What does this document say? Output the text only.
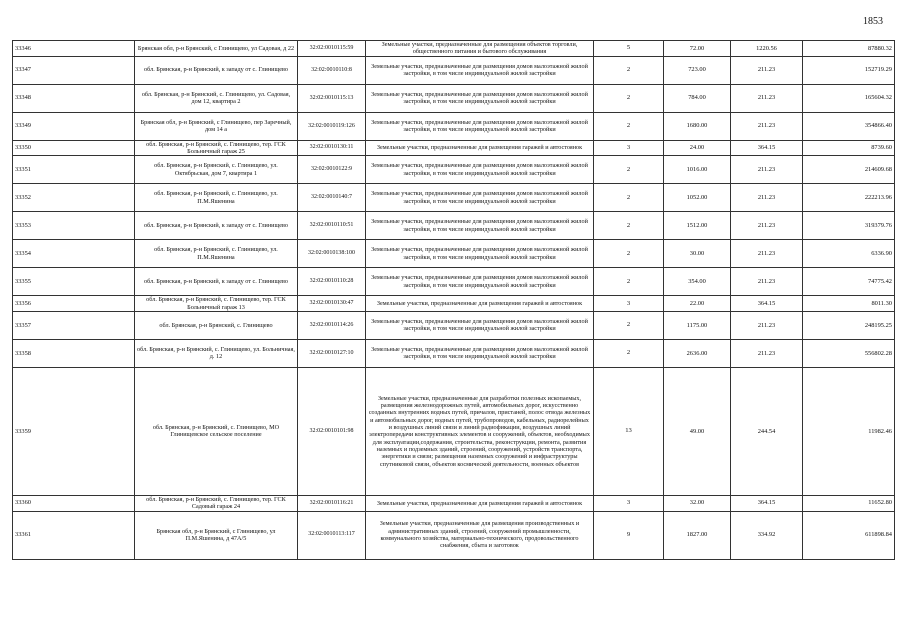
1853
33346	Брянская обл, р-н Брянский, с Глинищево, ул Садовая, д 22	32:02:0010115:59	Земельные участки, предназначенные для размещения объектов торговли, общественного питания и бытового обслуживания	5	72.00	1220.56	87880.32
33347	обл. Брянская, р-н Брянский, к западу от с. Глинищево	32:02:0010110:8	Земельные участки, предназначенные для размещения домов малоэтажной жилой застройки, в том числе индивидуальной жилой застройки	2	723.00	211.23	152719.29
33348	обл. Брянская, р-н Брянский, с. Глинищево, ул. Садовая, дом 12, квартира 2	32:02:0010115:13	Земельные участки, предназначенные для размещения домов малоэтажной жилой застройки, в том числе индивидуальной жилой застройки	2	784.00	211.23	165604.32
33349	Брянская обл, р-н Брянский, с Глинищево, пер Заречный, дом 14 а	32:02:0010119:126	Земельные участки, предназначенные для размещения домов малоэтажной жилой застройки, в том числе индивидуальной жилой застройки	2	1680.00	211.23	354866.40
33350	обл. Брянская, р-н Брянский, с. Глинищево, тер. ГСК Больничный гараж 25	32:02:0010130:11	Земельные участки, предназначенные для размещения гаражей и автостоянок	3	24.00	364.15	8739.60
33351	обл. Брянская, р-н Брянский, с. Глинищево, ул. Октябрьская, дом 7, квартира 1	32:02:0010122:9	Земельные участки, предназначенные для размещения домов малоэтажной жилой застройки, в том числе индивидуальной жилой застройки	2	1016.00	211.23	214609.68
33352	обл. Брянская, р-н Брянский, с. Глинищево, ул. П.М.Яшенина	32:02:0010140:7	Земельные участки, предназначенные для размещения домов малоэтажной жилой застройки, в том числе индивидуальной жилой застройки	2	1052.00	211.23	222213.96
33353	обл. Брянская, р-н Брянский, к западу от с. Глинищево	32:02:0010110:51	Земельные участки, предназначенные для размещения домов малоэтажной жилой застройки, в том числе индивидуальной жилой застройки	2	1512.00	211.23	319379.76
33354	обл. Брянская, р-н Брянский, с. Глинищево, ул. П.М.Яшенина	32:02:0010138:100	Земельные участки, предназначенные для размещения домов малоэтажной жилой застройки, в том числе индивидуальной жилой застройки	2	30.00	211.23	6336.90
33355	обл. Брянская, р-н Брянский, к западу от с. Глинищево	32:02:0010110:28	Земельные участки, предназначенные для размещения домов малоэтажной жилой застройки, в том числе индивидуальной жилой застройки	2	354.00	211.23	74775.42
33356	обл. Брянская, р-н Брянский, с. Глинищево, тер. ГСК Больничный гараж 13	32:02:0010130:47	Земельные участки, предназначенные для размещения гаражей и автостоянок	3	22.00	364.15	8011.30
33357	обл. Брянская, р-н Брянский, с. Глинищево	32:02:0010114:26	Земельные участки, предназначенные для размещения домов малоэтажной жилой застройки, в том числе индивидуальной жилой застройки	2	1175.00	211.23	248195.25
33358	обл. Брянская, р-н Брянский, с. Глинищево, ул. Больничная, д. 12	32:02:0010127:10	Земельные участки, предназначенные для размещения домов малоэтажной жилой застройки, в том числе индивидуальной жилой застройки	2	2636.00	211.23	556802.28
33359	обл. Брянская, р-н Брянский, с. Глинищево, МО Глинищевское сельское поселение	32:02:0010101:98	Земельные участки, предназначенные для разработки полезных ископаемых, размещения железнодорожных путей, автомобильных дорог, искусственно созданных внутренних водных путей, причалов, пристаней, полос отвода железных и автомобильных дорог, водных путей, трубопроводов, кабельных, радиорелейных и воздушных линий связи и линий радиофикации, воздушных линий электропередачи конструктивных элементов и сооружений, объектов, необходимых для эксплуатации,содержания, строительства, реконструкции, ремонта, развития наземных и подземных зданий, строений, сооружений, устройств транспорта, энергетики и связи; размещения наземных сооружений и инфраструктуры спутниковой связи, объектов космической деятельности, военных объектов	13	49.00	244.54	11982.46
33360	обл. Брянская, р-н Брянский, с. Глинищево, тер. ГСК Садовый гараж 24	32:02:0010116:21	Земельные участки, предназначенные для размещения гаражей и автостоянок	3	32.00	364.15	11652.80
33361	Брянская обл, р-н Брянский, с Глинищево, ул П.М.Яшенина, д 47А/5	32:02:0010113:117	Земельные участки, предназначенные для размещения производственных и административных зданий, строений, сооружений промышленности, коммунального хозяйства, материально-технического, продовольственного снабжения, сбыта и заготовок	9	1827.00	334.92	611898.84
